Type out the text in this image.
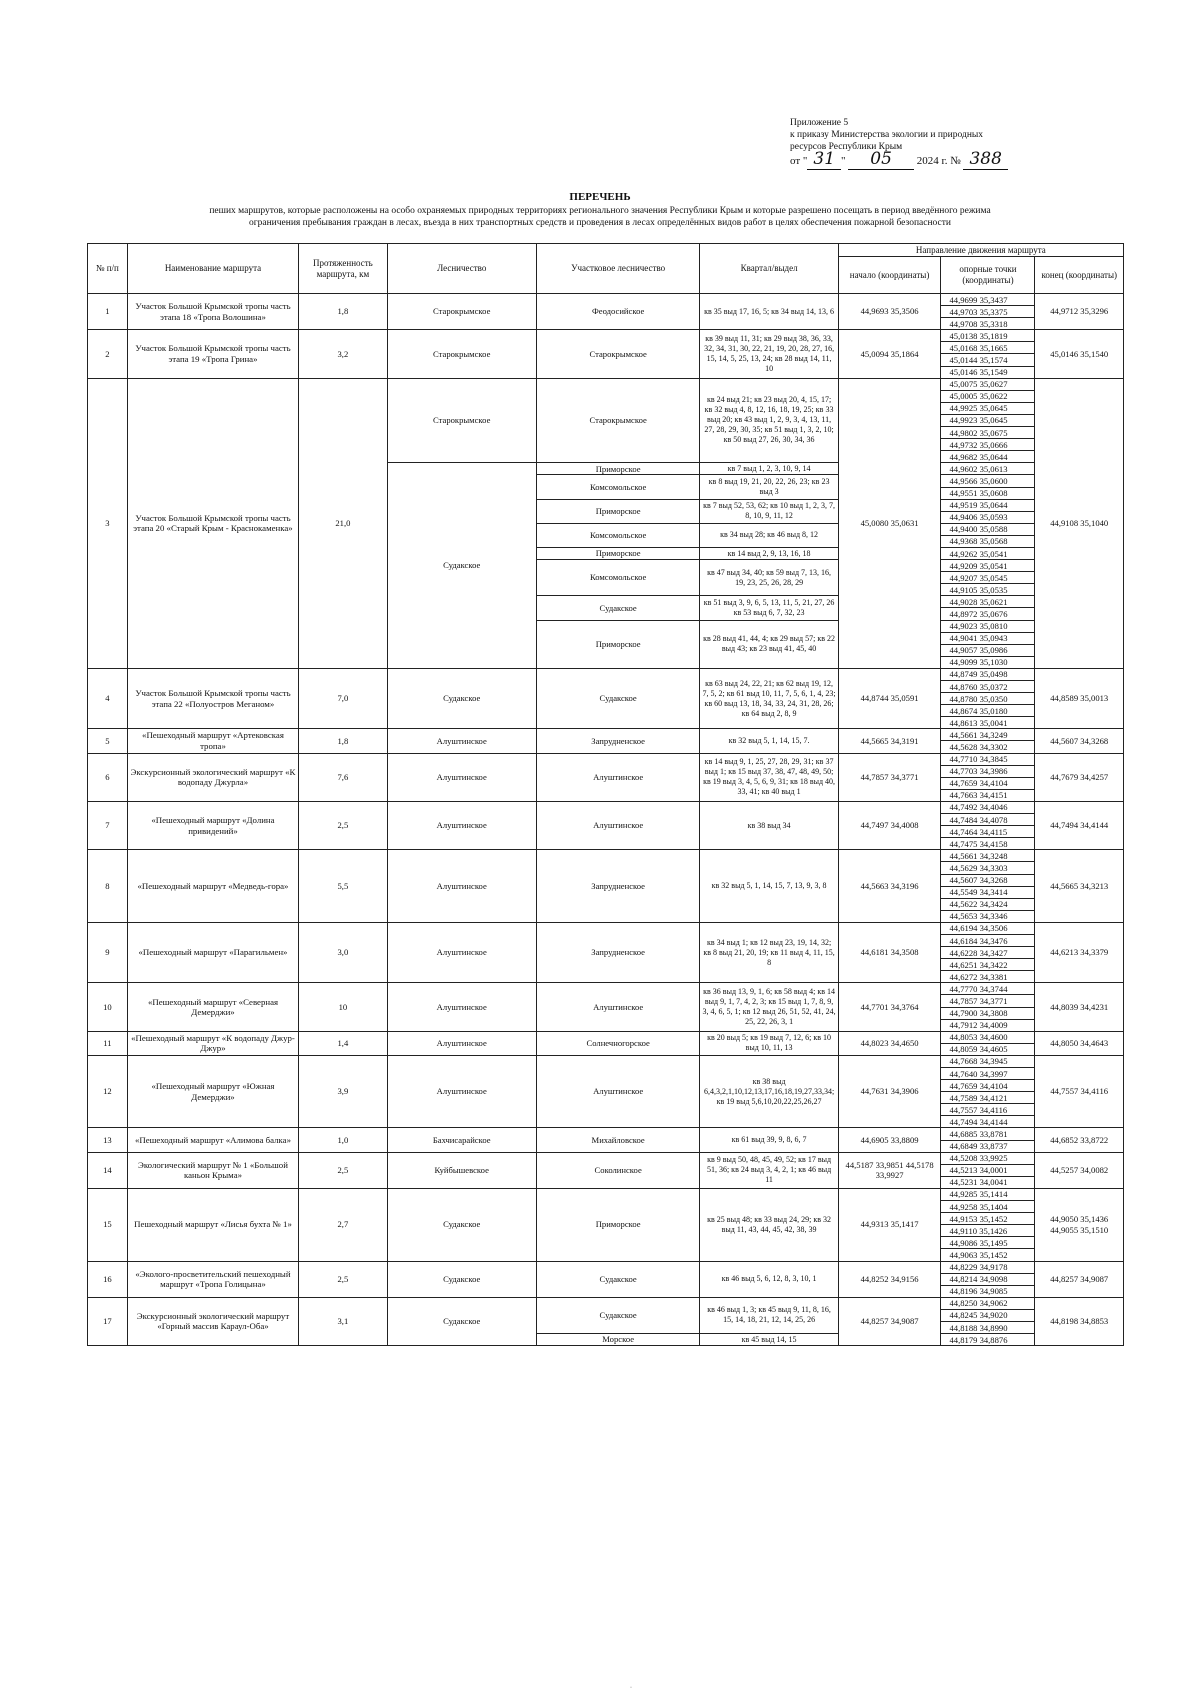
Приложение 5
к приказу Министерства экологии и природных
ресурсов Республики Крым
от " 31 " 05 2024 г. № 388
ПЕРЕЧЕНЬ
пеших маршрутов, которые расположены на особо охраняемых природных территориях регионального значения Республики Крым и которые разрешено посещать в период введённого режима
ограничения пребывания граждан в лесах, въезда в них транспортных средств и проведения в лесах определённых видов работ в целях обеспечения пожарной безопасности
№ п/п	Наименование маршрута	Протяженность маршрута, км	Лесничество	Участковое лесничество	Квартал/выдел	Направление движения маршрута		
						начало (координаты)	опорные точки (координаты)	конец (координаты)
1	Участок Большой Крымской тропы часть этапа 18 «Тропа Волошина»	1,8	Старокрымское	Феодосийское	кв 35 выд 17, 16, 5; кв 34 выд 14, 13, 6	44,9693 35,3506	44,9699 35,3437	44,9712 35,3296
							44,9703 35,3375	
							44,9708 35,3318	
2	Участок Большой Крымской тропы часть этапа 19 «Тропа Грина»	3,2	Старокрымское	Старокрымское	кв 39 выд 11, 31; кв 29 выд 38, 36, 33, 32, 34, 31, 30, 22, 21, 19, 20, 28, 27, 16, 15, 14, 5, 25, 13, 24; кв 28 выд 14, 11, 10	45,0094 35,1864	45,0138 35,1819	45,0146 35,1540
							45,0168 35,1665	
							45,0144 35,1574	
							45,0146 35,1549	
3	Участок Большой Крымской тропы часть этапа 20 «Старый Крым - Краснокаменка»	21,0	Старокрымское	Старокрымское	кв 24 выд 21; кв 23 выд 20, 4, 15, 17; кв 32 выд 4, 8, 12, 16, 18, 19, 25; кв 33 выд 20; кв 43 выд 1, 2, 9, 3, 4, 13, 11, 27, 28, 29, 30, 35; кв 51 выд 1, 3, 2, 10; кв 50 выд 27, 26, 30, 34, 36	45,0080 35,0631	45,0075 35,0627	44,9108 35,1040
							45,0005 35,0622	
							44,9925 35,0645	
							44,9923 35,0645	
							44,9802 35,0675	
							44,9732 35,0666	
							44,9682 35,0644	
			Судакское	Приморское	кв 7 выд 1, 2, 3, 10, 9, 14		44,9602 35,0613	
				Комсомольское	кв 8 выд 19, 21, 20, 22, 26, 23; кв 23 выд 3		44,9566 35,0600	
							44,9551 35,0608	
				Приморское	кв 7 выд 52, 53, 62; кв 10 выд 1, 2, 3, 7, 8, 10, 9, 11, 12		44,9519 35,0644	
							44,9406 35,0593	
				Комсомольское	кв 34 выд 28; кв 46 выд 8, 12		44,9400 35,0588	
							44,9368 35,0568	
				Приморское	кв 14 выд 2, 9, 13, 16, 18		44,9262 35,0541	
				Комсомольское	кв 47 выд 34, 40; кв 59 выд 7, 13, 16, 19, 23, 25, 26, 28, 29		44,9209 35,0541	
							44,9207 35,0545	
							44,9105 35,0535	
				Судакское	кв 51 выд 3, 9, 6, 5, 13, 11, 5, 21, 27, 26 кв 53 выд 6, 7, 32, 23		44,9028 35,0621	
							44,8972 35,0676	
				Приморское	кв 28 выд 41, 44, 4; кв 29 выд 57; кв 22 выд 43; кв 23 выд 41, 45, 40		44,9023 35,0810	
							44,9041 35,0943	
							44,9057 35,0986	
							44,9099 35,1030	
4	Участок Большой Крымской тропы часть этапа 22 «Полуостров Меганом»	7,0	Судакское	Судакское	кв 63 выд 24, 22, 21; кв 62 выд 19, 12, 7, 5, 2; кв 61 выд 10, 11, 7, 5, 6, 1, 4, 23; кв 60 выд 13, 18, 34, 33, 24, 31, 28, 26; кв 64 выд 2, 8, 9	44,8744 35,0591	44,8749 35,0498	44,8589 35,0013
							44,8760 35,0372	
							44,8780 35,0350	
							44,8674 35,0180	
							44,8613 35,0041	
5	«Пешеходный маршрут «Артековская тропа»	1,8	Алуштинское	Запрудненское	кв 32 выд 5, 1, 14, 15, 7.	44,5665 34,3191	44,5661 34,3249	44,5607 34,3268
							44,5628 34,3302	
6	Экскурсионный экологический маршрут «К водопаду Джурла»	7,6	Алуштинское	Алуштинское	кв 14 выд 9, 1, 25, 27, 28, 29, 31; кв 37 выд 1; кв 15 выд 37, 38, 47, 48, 49, 50; кв 19 выд 3, 4, 5, 6, 9, 31; кв 18 выд 40, 33, 41; кв 40 выд 1	44,7857 34,3771	44,7710 34,3845	44,7679 34,4257
							44,7703 34,3986	
							44,7659 34,4104	
							44,7663 34,4151	
7	«Пешеходный маршрут «Долина привидений»	2,5	Алуштинское	Алуштинское	кв 38 выд 34	44,7497 34,4008	44,7492 34,4046	44,7494 34,4144
							44,7484 34,4078	
							44,7464 34,4115	
							44,7475 34,4158	
8	«Пешеходный маршрут «Медведь-гора»	5,5	Алуштинское	Запрудненское	кв 32 выд 5, 1, 14, 15, 7, 13, 9, 3, 8	44,5663 34,3196	44,5661 34,3248	44,5665 34,3213
							44,5629 34,3303	
							44,5607 34,3268	
							44,5549 34,3414	
							44,5622 34,3424	
							44,5653 34,3346	
9	«Пешеходный маршрут «Парагильмен»	3,0	Алуштинское	Запрудненское	кв 34 выд 1; кв 12 выд 23, 19, 14, 32; кв 8 выд 21, 20, 19; кв 11 выд 4, 11, 15, 8	44,6181 34,3508	44,6194 34,3506	44,6213 34,3379
							44,6184 34,3476	
							44,6228 34,3427	
							44,6251 34,3422	
							44,6272 34,3381	
10	«Пешеходный маршрут «Северная Демерджи»	10	Алуштинское	Алуштинское	кв 36 выд 13, 9, 1, 6; кв 58 выд 4; кв 14 выд 9, 1, 7, 4, 2, 3; кв 15 выд 1, 7, 8, 9, 3, 4, 6, 5, 1; кв 12 выд 26, 51, 52, 41, 24, 25, 22, 26, 3, 1	44,7701 34,3764	44,7770 34,3744	44,8039 34,4231
							44,7857 34,3771	
							44,7900 34,3808	
							44,7912 34,4009	
11	«Пешеходный маршрут «К водопаду Джур-Джур»	1,4	Алуштинское	Солнечногорское	кв 20 выд 5; кв 19 выд 7, 12, 6; кв 10 выд 10, 11, 13	44,8023 34,4650	44,8053 34,4600	44,8050 34,4643
							44,8059 34,4605	
12	«Пешеходный маршрут «Южная Демерджи»	3,9	Алуштинское	Алуштинское	кв 38 выд 6,4,3,2,1,10,12,13,17,16,18,19,27,33,34; кв 19 выд 5,6,10,20,22,25,26,27	44,7631 34,3906	44,7668 34,3945	44,7557 34,4116
							44,7640 34,3997	
							44,7659 34,4104	
							44,7589 34,4121	
							44,7557 34,4116	
							44,7494 34,4144	
13	«Пешеходный маршрут «Алимова балка»	1,0	Бахчисарайское	Михайловское	кв 61 выд 39, 9, 8, 6, 7	44,6905 33,8809	44,6885 33,8781	44,6852 33,8722
							44,6849 33,8737	
14	Экологический маршрут № 1 «Большой каньон Крыма»	2,5	Куйбышевское	Соколинское	кв 9 выд 50, 48, 45, 49, 52; кв 17 выд 51, 36; кв 24 выд 3, 4, 2, 1; кв 46 выд 11	44,5187 33,9851 44,5178 33,9927	44,5208 33,9925	44,5257 34,0082
							44,5213 34,0001	
							44,5231 34,0041	
15	Пешеходный маршрут «Лисья бухта № 1»	2,7	Судакское	Приморское	кв 25 выд 48; кв 33 выд 24, 29; кв 32 выд 11, 43, 44, 45, 42, 38, 39	44,9313 35,1417	44,9285 35,1414	44,9050 35,1436 44,9055 35,1510
							44,9258 35,1404	
							44,9153 35,1452	
							44,9110 35,1426	
							44,9086 35,1495	
							44,9063 35,1452	
16	«Эколого-просветительский пешеходный маршрут «Тропа Голицына»	2,5	Судакское	Судакское	кв 46 выд 5, 6, 12, 8, 3, 10, 1	44,8252 34,9156	44,8229 34,9178	44,8257 34,9087
							44,8214 34,9098	
							44,8196 34,9085	
17	Экскурсионный экологический маршрут «Горный массив Караул-Оба»	3,1	Судакское	Судакское	кв 46 выд 1, 3; кв 45 выд 9, 11, 8, 16, 15, 14, 18, 21, 12, 14, 25, 26	44,8257 34,9087	44,8250 34,9062	44,8198 34,8853
							44,8245 34,9020	
							44,8188 34,8990	
				Морское	кв 45 выд 14, 15		44,8179 34,8876	
·
